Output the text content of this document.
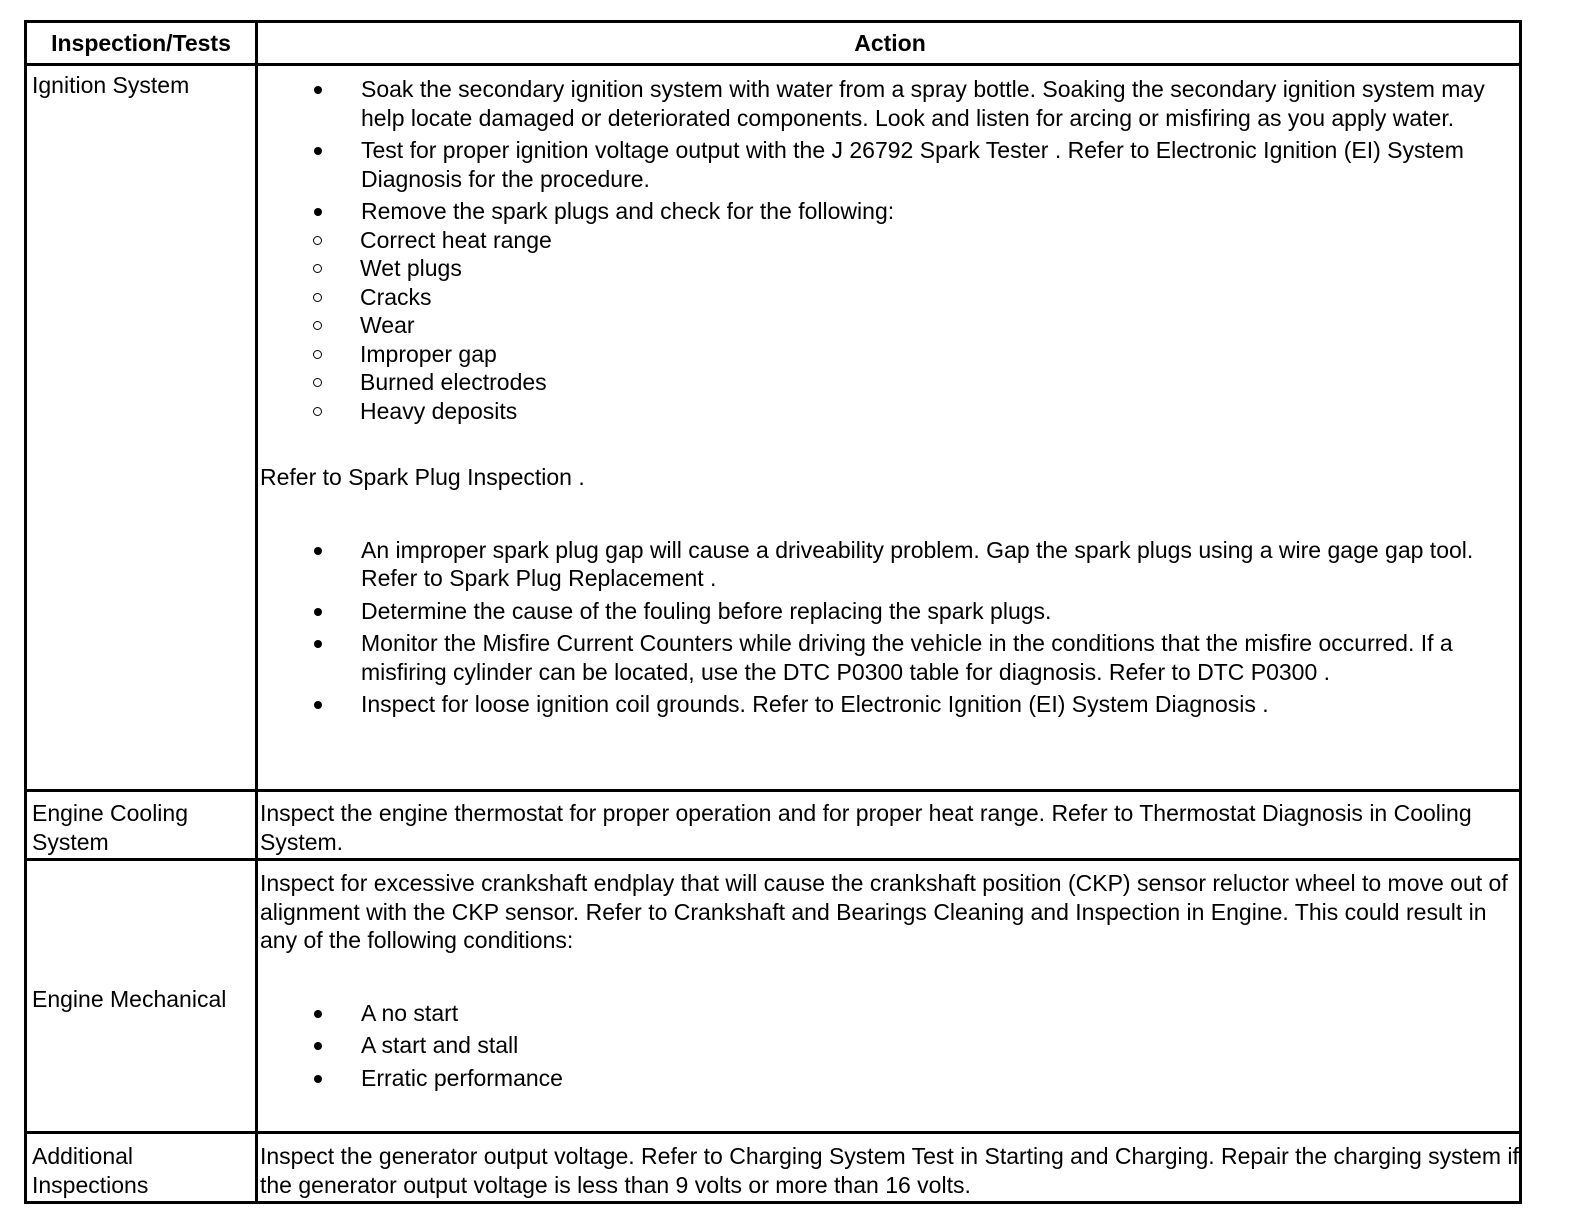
Inspection/Tests	Action
Ignition System	Soak the secondary ignition system with water from a spray bottle. Soaking the secondary ignition system may help locate damaged or deteriorated components. Look and listen for arcing or misfiring as you apply water.
Test for proper ignition voltage output with the J 26792 Spark Tester . Refer to Electronic Ignition (EI) System Diagnosis for the procedure.
Remove the spark plugs and check for the following:
Correct heat range
Wet plugs
Cracks
Wear
Improper gap
Burned electrodes
Heavy deposits
Refer to Spark Plug Inspection .
An improper spark plug gap will cause a driveability problem. Gap the spark plugs using a wire gage gap tool. Refer to Spark Plug Replacement .
Determine the cause of the fouling before replacing the spark plugs.
Monitor the Misfire Current Counters while driving the vehicle in the conditions that the misfire occurred. If a misfiring cylinder can be located, use the DTC P0300 table for diagnosis. Refer to DTC P0300 .
Inspect for loose ignition coil grounds. Refer to Electronic Ignition (EI) System Diagnosis .
Engine Cooling System
Inspect the engine thermostat for proper operation and for proper heat range. Refer to Thermostat Diagnosis in Cooling System.
Engine Mechanical
Inspect for excessive crankshaft endplay that will cause the crankshaft position (CKP) sensor reluctor wheel to move out of alignment with the CKP sensor. Refer to Crankshaft and Bearings Cleaning and Inspection in Engine. This could result in any of the following conditions:
A no start
A start and stall
Erratic performance
Additional Inspections
Inspect the generator output voltage. Refer to Charging System Test in Starting and Charging. Repair the charging system if the generator output voltage is less than 9 volts or more than 16 volts.
